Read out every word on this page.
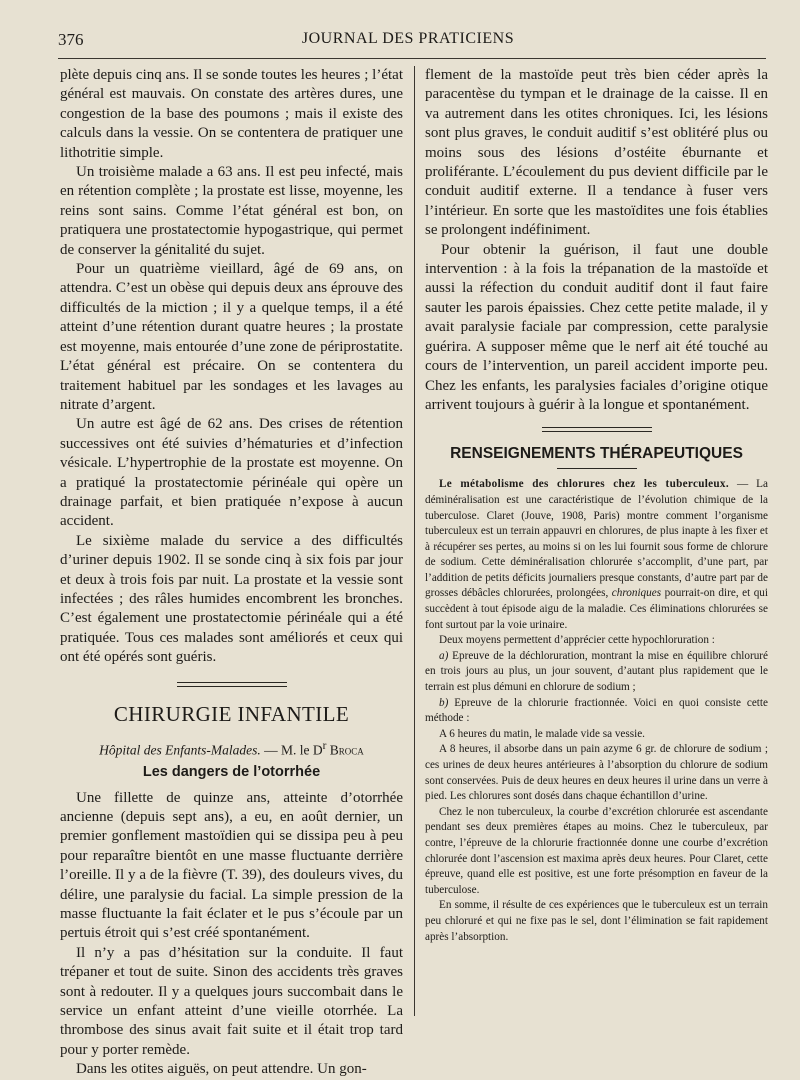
376	JOURNAL DES PRATICIENS

plète depuis cinq ans. Il se sonde toutes les heures ; l’état général est mauvais. On constate des artères dures, une congestion de la base des poumons ; mais il existe des calculs dans la vessie. On se contentera de pratiquer une lithotritie simple.

Un troisième malade a 63 ans. Il est peu infecté, mais en rétention complète ; la prostate est lisse, moyenne, les reins sont sains. Comme l’état général est bon, on pratiquera une prostatectomie hypogastrique, qui permet de conserver la génitalité du sujet.

Pour un quatrième vieillard, âgé de 69 ans, on attendra. C’est un obèse qui depuis deux ans éprouve des difficultés de la miction ; il y a quelque temps, il a été atteint d’une rétention durant quatre heures ; la prostate est moyenne, mais entourée d’une zone de périprostatite. L’état général est précaire. On se contentera du traitement habituel par les sondages et les lavages au nitrate d’argent.

Un autre est âgé de 62 ans. Des crises de rétention successives ont été suivies d’hématuries et d’infection vésicale. L’hypertrophie de la prostate est moyenne. On a pratiqué la prostatectomie périnéale qui opère un drainage parfait, et bien pratiquée n’expose à aucun accident.

Le sixième malade du service a des difficultés d’uriner depuis 1902. Il se sonde cinq à six fois par jour et deux à trois fois par nuit. La prostate et la vessie sont infectées ; des râles humides encombrent les bronches. C’est également une prostatectomie périnéale qui a été pratiquée. Tous ces malades sont améliorés et ceux qui ont été opérés sont guéris.

CHIRURGIE INFANTILE
Hôpital des Enfants-Malades. — M. le $D^r$ Broca
Les dangers de l’otorrhée

Une fillette de quinze ans, atteinte d’otorrhée ancienne (depuis sept ans), a eu, en août dernier, un premier gonflement mastoïdien qui se dissipa peu à peu pour reparaître bientôt en une masse fluctuante derrière l’oreille. Il y a de la fièvre (T. 39), des douleurs vives, du délire, une paralysie du facial. La simple pression de la masse fluctuante la fait éclater et le pus s’écoule par un pertuis étroit qui s’est créé spontanément.

Il n’y a pas d’hésitation sur la conduite. Il faut trépaner et tout de suite. Sinon des accidents très graves sont à redouter. Il y a quelques jours succombait dans le service un enfant atteint d’une vieille otorrhée. La thrombose des sinus avait fait suite et il était trop tard pour y porter remède.

Dans les otites aiguës, on peut attendre. Un gon-

flement de la mastoïde peut très bien céder après la paracentèse du tympan et le drainage de la caisse. Il en va autrement dans les otites chroniques. Ici, les lésions sont plus graves, le conduit auditif s’est oblitéré plus ou moins sous des lésions d’ostéite éburnante et proliférante. L’écoulement du pus devient difficile par le conduit auditif externe. Il a tendance à fuser vers l’intérieur. En sorte que les mastoïdites une fois établies se prolongent indéfiniment.

Pour obtenir la guérison, il faut une double intervention : à la fois la trépanation de la mastoïde et aussi la réfection du conduit auditif dont il faut faire sauter les parois épaissies. Chez cette petite malade, il y avait paralysie faciale par compression, cette paralysie guérira. A supposer même que le nerf ait été touché au cours de l’intervention, un pareil accident importe peu. Chez les enfants, les paralysies faciales d’origine otique arrivent toujours à guérir à la longue et spontanément.

RENSEIGNEMENTS THÉRAPEUTIQUES

Le métabolisme des chlorures chez les tuberculeux. — La déminéralisation est une caractéristique de l’évolution chimique de la tuberculose. Claret (Jouve, 1908, Paris) montre comment l’organisme tuberculeux est un terrain appauvri en chlorures, de plus inapte à les fixer et à récupérer ses pertes, au moins si on les lui fournit sous forme de chlorure de sodium. Cette déminéralisation chlorurée s’accomplit, d’une part, par l’addition de petits déficits journaliers presque constants, d’autre part par de grosses débâcles chlorurées, prolongées, chroniques pourrait-on dire, et qui succèdent à tout épisode aigu de la maladie. Ces éliminations chlorurées se font surtout par la voie urinaire.

Deux moyens permettent d’apprécier cette hypochloruration :

a) Epreuve de la déchloruration, montrant la mise en équilibre chloruré en trois jours au plus, un jour souvent, d’autant plus rapidement que le terrain est plus démuni en chlorure de sodium ;

b) Epreuve de la chlorurie fractionnée. Voici en quoi consiste cette méthode :

A 6 heures du matin, le malade vide sa vessie.

A 8 heures, il absorbe dans un pain azyme 6 gr. de chlorure de sodium ; ces urines de deux heures antérieures à l’absorption du chlorure de sodium sont conservées. Puis de deux heures en deux heures il urine dans un verre à pied. Les chlorures sont dosés dans chaque échantillon d’urine.

Chez le non tuberculeux, la courbe d’excrétion chlorurée est ascendante pendant ses deux premières étapes au moins. Chez le tuberculeux, par contre, l’épreuve de la chlorurie fractionnée donne une courbe d’excrétion chlorurée dont l’ascension est maxima après deux heures. Pour Claret, cette épreuve, quand elle est positive, est une forte présomption en faveur de la tuberculose.

En somme, il résulte de ces expériences que le tuberculeux est un terrain peu chloruré et qui ne fixe pas le sel, dont l’élimination se fait rapidement après l’absorption.
